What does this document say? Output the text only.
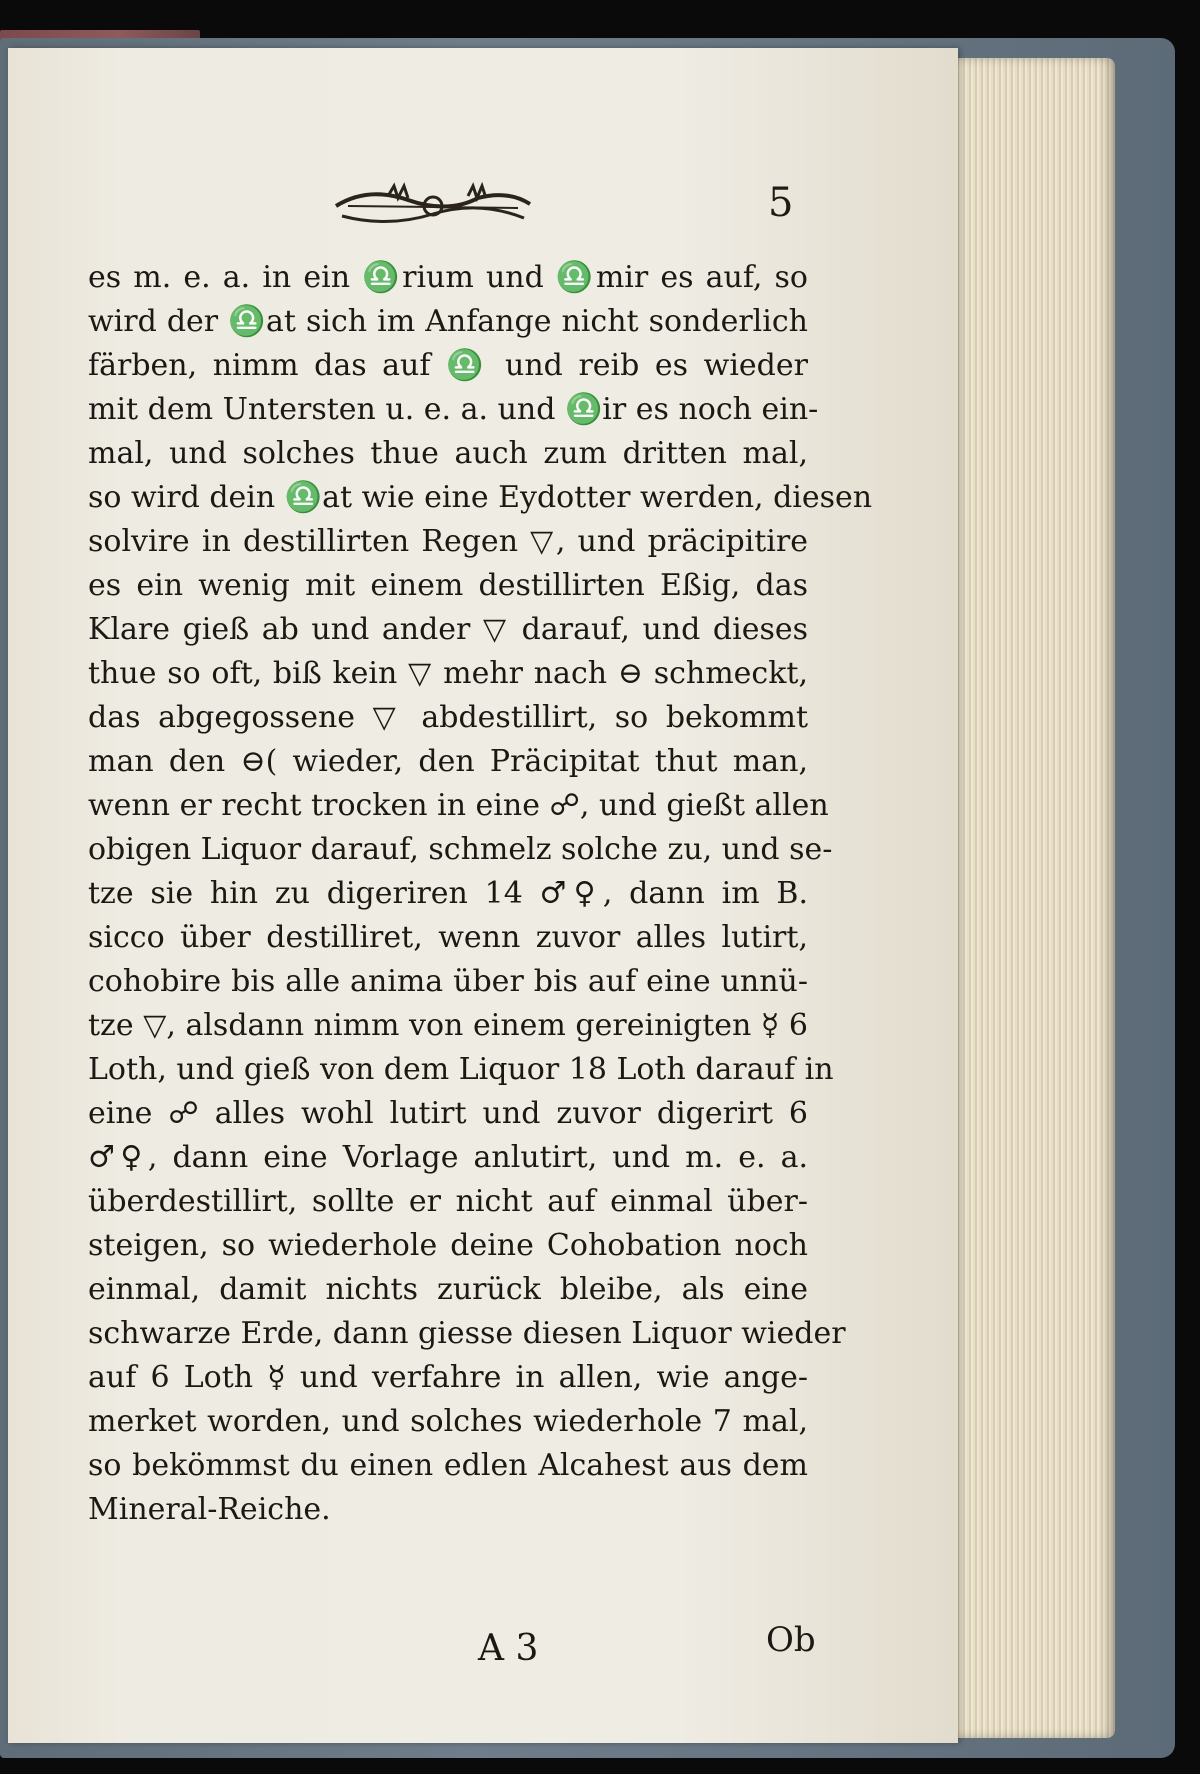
5
es m. e. a. in ein ♎rium und ♎mir es auf, so
wird der ♎at sich im Anfange nicht sonderlich
färben, nimm das auf ♎ und reib es wieder
mit dem Untersten u. e. a. und ♎ir es noch ein-
mal, und solches thue auch zum dritten mal,
so wird dein ♎at wie eine Eydotter werden, diesen
solvire in destillirten Regen ▽, und präcipitire
es ein wenig mit einem destillirten Eßig, das
Klare gieß ab und ander ▽ darauf, und dieses
thue so oft, biß kein ▽ mehr nach ⊖ schmeckt,
das abgegossene ▽ abdestillirt, so bekommt
man den ⊖( wieder, den Präcipitat thut man,
wenn er recht trocken in eine ☍, und gießt allen
obigen Liquor darauf, schmelz solche zu, und se-
tze sie hin zu digeriren 14 ♂♀, dann im B.
sicco über destilliret, wenn zuvor alles lutirt,
cohobire bis alle anima über bis auf eine unnü-
tze ▽, alsdann nimm von einem gereinigten ☿ 6
Loth, und gieß von dem Liquor 18 Loth darauf in
eine ☍ alles wohl lutirt und zuvor digerirt 6
♂♀, dann eine Vorlage anlutirt, und m. e. a.
überdestillirt, sollte er nicht auf einmal über-
steigen, so wiederhole deine Cohobation noch
einmal, damit nichts zurück bleibe, als eine
schwarze Erde, dann giesse diesen Liquor wieder
auf 6 Loth ☿ und verfahre in allen, wie ange-
merket worden, und solches wiederhole 7 mal,
so bekömmst du einen edlen Alcahest aus dem
Mineral-Reiche.
A 3	Ob
